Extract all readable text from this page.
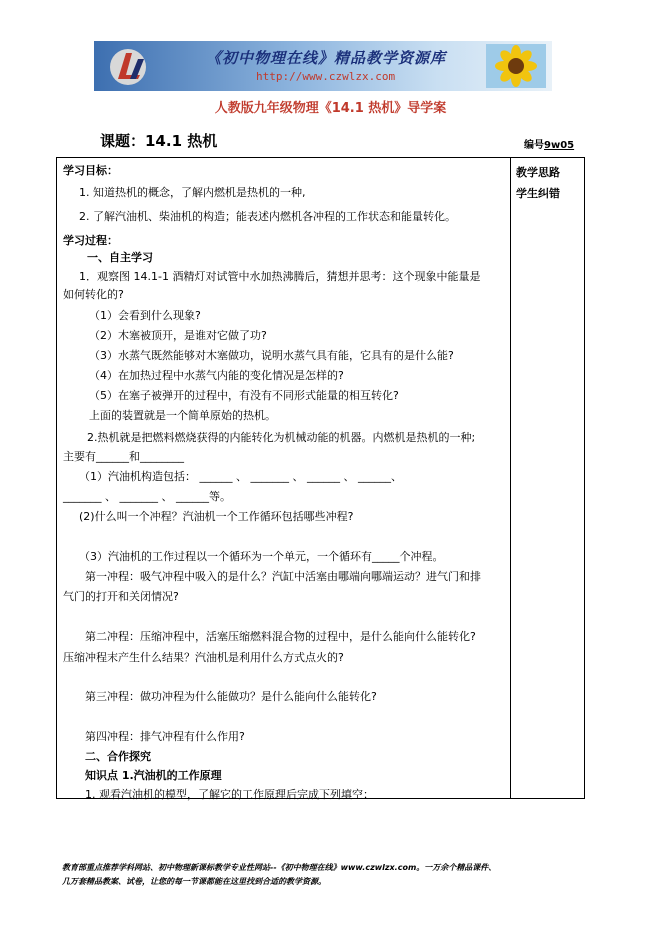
《初中物理在线》精品教学资源库
http://www.czwlzx.com
人教版九年级物理《14.1 热机》导学案
课题：14.1 热机	编号9w05
教学思路
学生纠错
学习目标：
1. 知道热机的概念，了解内燃机是热机的一种,
2. 了解汽油机、柴油机的构造；能表述内燃机各冲程的工作状态和能量转化。
学习过程：
一、自主学习
1．观察图 14.1-1 酒精灯对试管中水加热沸腾后，猜想并思考：这个现象中能量是
如何转化的?
（1）会看到什么现象?
（2）木塞被顶开，是谁对它做了功?
（3）水蒸气既然能够对木塞做功，说明水蒸气具有能，它具有的是什么能?
（4）在加热过程中水蒸气内能的变化情况是怎样的?
（5）在塞子被弹开的过程中，有没有不同形式能量的相互转化?
上面的装置就是一个简单原始的热机。
2.热机就是把燃料燃烧获得的内能转化为机械动能的机器。内燃机是热机的一种;
主要有______和________
（1）汽油机构造包括： ______ 、 _______ 、 ______ 、 ______、
_______ 、 _______ 、 ______等。
(2)什么叫一个冲程？汽油机一个工作循环包括哪些冲程?
（3）汽油机的工作过程以一个循环为一个单元，一个循环有_____个冲程。
第一冲程：吸气冲程中吸入的是什么？汽缸中活塞由哪端向哪端运动？进气门和排
气门的打开和关闭情况?
第二冲程：压缩冲程中，活塞压缩燃料混合物的过程中，是什么能向什么能转化?
压缩冲程末产生什么结果？汽油机是利用什么方式点火的?
第三冲程：做功冲程为什么能做功？是什么能向什么能转化?
第四冲程：排气冲程有什么作用?
二、合作探究
知识点 1.汽油机的工作原理
1. 观看汽油机的模型，了解它的工作原理后完成下列填空：
教育部重点推荐学科网站、初中物理新课标教学专业性网站--《初中物理在线》www.czwlzx.com。一万余个精品课件、
几万套精品教案、试卷，让您的每一节课都能在这里找到合适的教学资源。
